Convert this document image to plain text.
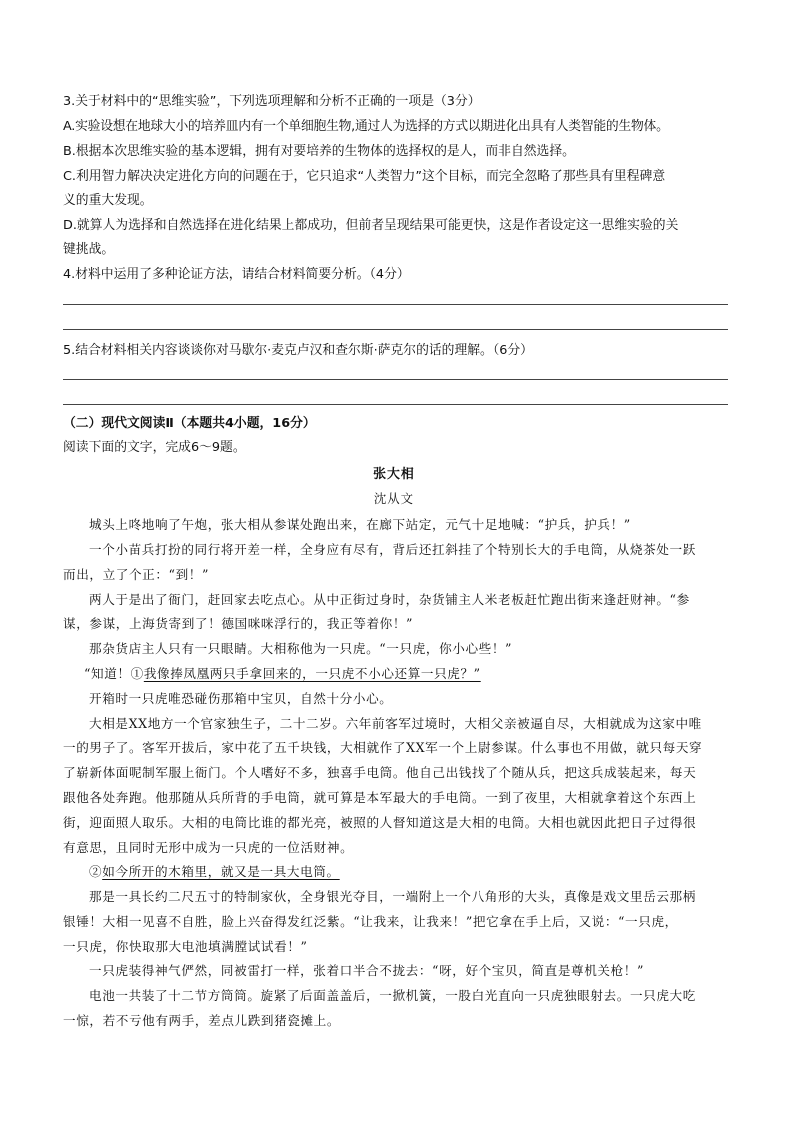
3.关于材料中的“思维实验”，下列选项理解和分析不正确的一项是（3分）
A.实验设想在地球大小的培养皿内有一个单细胞生物,通过人为选择的方式以期进化出具有人类智能的生物体。
B.根据本次思维实验的基本逻辑，拥有对要培养的生物体的选择权的是人，而非自然选择。
C.利用智力解决决定进化方向的问题在于，它只追求“人类智力”这个目标，而完全忽略了那些具有里程碑意
义的重大发现。
D.就算人为选择和自然选择在进化结果上都成功，但前者呈现结果可能更快，这是作者设定这一思维实验的关
键挑战。
4.材料中运用了多种论证方法，请结合材料简要分析。（4分）
5.结合材料相关内容谈谈你对马歇尔·麦克卢汉和查尔斯·萨克尔的话的理解。（6分）
（二）现代文阅读Ⅱ（本题共4小题，16分）
阅读下面的文字，完成6～9题。
张大相
沈从文
城头上咚地响了午炮，张大相从参谋处跑出来，在廊下站定，元气十足地喊：“护兵，护兵！”
一个小苗兵打扮的同行将开差一样，全身应有尽有，背后还扛斜挂了个特别长大的手电筒，从烧茶处一跃
而出，立了个正：“到！”
两人于是出了衙门，赶回家去吃点心。从中正街过身时，杂货铺主人米老板赶忙跑出街来逢赶财神。“参
谋，参谋，上海货寄到了！德国咪咪浮行的，我正等着你！”
那杂货店主人只有一只眼睛。大相称他为一只虎。“一只虎，你小心些！”
“知道！①我像捧凤凰两只手拿回来的，一只虎不小心还算一只虎？”
开箱时一只虎唯恐碰伤那箱中宝贝，自然十分小心。
大相是XX地方一个官家独生子，二十二岁。六年前客军过境时，大相父亲被逼自尽，大相就成为这家中唯
一的男子了。客军开拔后，家中花了五千块钱，大相就作了XX军一个上尉参谋。什么事也不用做，就只每天穿
了崭新体面呢制军服上衙门。个人嗜好不多，独喜手电筒。他自己出钱找了个随从兵，把这兵成装起来，每天
跟他各处奔跑。他那随从兵所背的手电筒，就可算是本军最大的手电筒。一到了夜里，大相就拿着这个东西上
街，迎面照人取乐。大相的电筒比谁的都光亮，被照的人督知道这是大相的电筒。大相也就因此把日子过得很
有意思，且同时无形中成为一只虎的一位活财神。
②如今所开的木箱里，就又是一具大电筒。
那是一具长约二尺五寸的特制家伙，全身银光夺目，一端附上一个八角形的大头，真像是戏文里岳云那柄
银锤！大相一见喜不自胜，脸上兴奋得发红泛紫。“让我来，让我来！”把它拿在手上后，又说：“一只虎，
一只虎，你快取那大电池填满膛试试看！”
一只虎装得神气俨然，同被雷打一样，张着口半合不拢去：“呀，好个宝贝，简直是尊机关枪！”
电池一共装了十二节方筒筒。旋紧了后面盖盖后，一掀机簧，一股白光直向一只虎独眼射去。一只虎大吃
一惊，若不亏他有两手，差点儿跌到猪瓷摊上。
